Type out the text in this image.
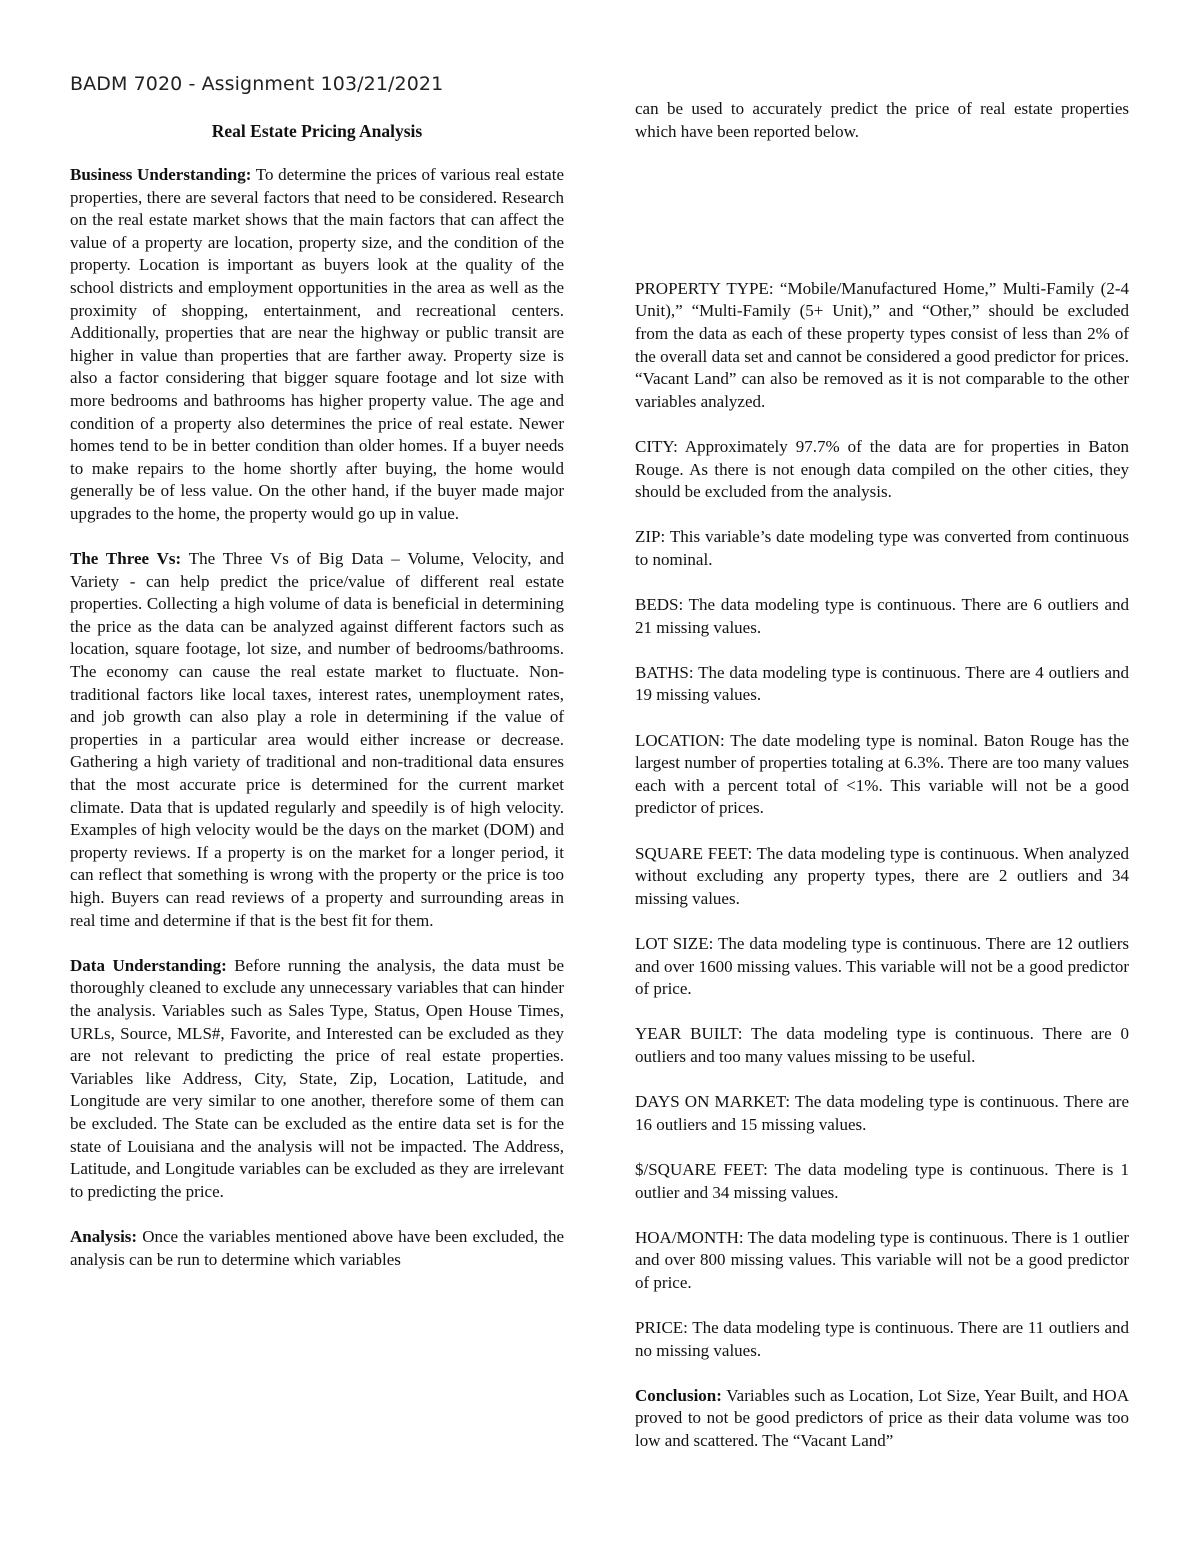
BADM 7020 - Assignment 103/21/2021
Real Estate Pricing Analysis

Business Understanding: To determine the prices of various real estate properties, there are several factors that need to be considered. Research on the real estate market shows that the main factors that can affect the value of a property are location, property size, and the condition of the property. Location is important as buyers look at the quality of the school districts and employment opportunities in the area as well as the proximity of shopping, entertainment, and recreational centers. Additionally, properties that are near the highway or public transit are higher in value than properties that are farther away. Property size is also a factor considering that bigger square footage and lot size with more bedrooms and bathrooms has higher property value. The age and condition of a property also determines the price of real estate. Newer homes tend to be in better condition than older homes. If a buyer needs to make repairs to the home shortly after buying, the home would generally be of less value. On the other hand, if the buyer made major upgrades to the home, the property would go up in value.

The Three Vs: The Three Vs of Big Data – Volume, Velocity, and Variety - can help predict the price/value of different real estate properties. Collecting a high volume of data is beneficial in determining the price as the data can be analyzed against different factors such as location, square footage, lot size, and number of bedrooms/bathrooms. The economy can cause the real estate market to fluctuate. Non-traditional factors like local taxes, interest rates, unemployment rates, and job growth can also play a role in determining if the value of properties in a particular area would either increase or decrease. Gathering a high variety of traditional and non-traditional data ensures that the most accurate price is determined for the current market climate. Data that is updated regularly and speedily is of high velocity. Examples of high velocity would be the days on the market (DOM) and property reviews. If a property is on the market for a longer period, it can reflect that something is wrong with the property or the price is too high. Buyers can read reviews of a property and surrounding areas in real time and determine if that is the best fit for them.

Data Understanding: Before running the analysis, the data must be thoroughly cleaned to exclude any unnecessary variables that can hinder the analysis. Variables such as Sales Type, Status, Open House Times, URLs, Source, MLS#, Favorite, and Interested can be excluded as they are not relevant to predicting the price of real estate properties. Variables like Address, City, State, Zip, Location, Latitude, and Longitude are very similar to one another, therefore some of them can be excluded. The State can be excluded as the entire data set is for the state of Louisiana and the analysis will not be impacted. The Address, Latitude, and Longitude variables can be excluded as they are irrelevant to predicting the price.

Analysis: Once the variables mentioned above have been excluded, the analysis can be run to determine which variables

can be used to accurately predict the price of real estate properties which have been reported below.

PROPERTY TYPE: “Mobile/Manufactured Home,” Multi-Family (2-4 Unit),” “Multi-Family (5+ Unit),” and “Other,” should be excluded from the data as each of these property types consist of less than 2% of the overall data set and cannot be considered a good predictor for prices. “Vacant Land” can also be removed as it is not comparable to the other variables analyzed.

CITY: Approximately 97.7% of the data are for properties in Baton Rouge. As there is not enough data compiled on the other cities, they should be excluded from the analysis.

ZIP: This variable’s date modeling type was converted from continuous to nominal.

BEDS: The data modeling type is continuous. There are 6 outliers and 21 missing values.

BATHS: The data modeling type is continuous. There are 4 outliers and 19 missing values.

LOCATION: The date modeling type is nominal. Baton Rouge has the largest number of properties totaling at 6.3%. There are too many values each with a percent total of <1%. This variable will not be a good predictor of prices.

SQUARE FEET: The data modeling type is continuous. When analyzed without excluding any property types, there are 2 outliers and 34 missing values.

LOT SIZE: The data modeling type is continuous. There are 12 outliers and over 1600 missing values. This variable will not be a good predictor of price.

YEAR BUILT: The data modeling type is continuous. There are 0 outliers and too many values missing to be useful.

DAYS ON MARKET: The data modeling type is continuous. There are 16 outliers and 15 missing values.

$/SQUARE FEET: The data modeling type is continuous. There is 1 outlier and 34 missing values.

HOA/MONTH: The data modeling type is continuous. There is 1 outlier and over 800 missing values. This variable will not be a good predictor of price.

PRICE: The data modeling type is continuous. There are 11 outliers and no missing values.

Conclusion: Variables such as Location, Lot Size, Year Built, and HOA proved to not be good predictors of price as their data volume was too low and scattered. The “Vacant Land”
